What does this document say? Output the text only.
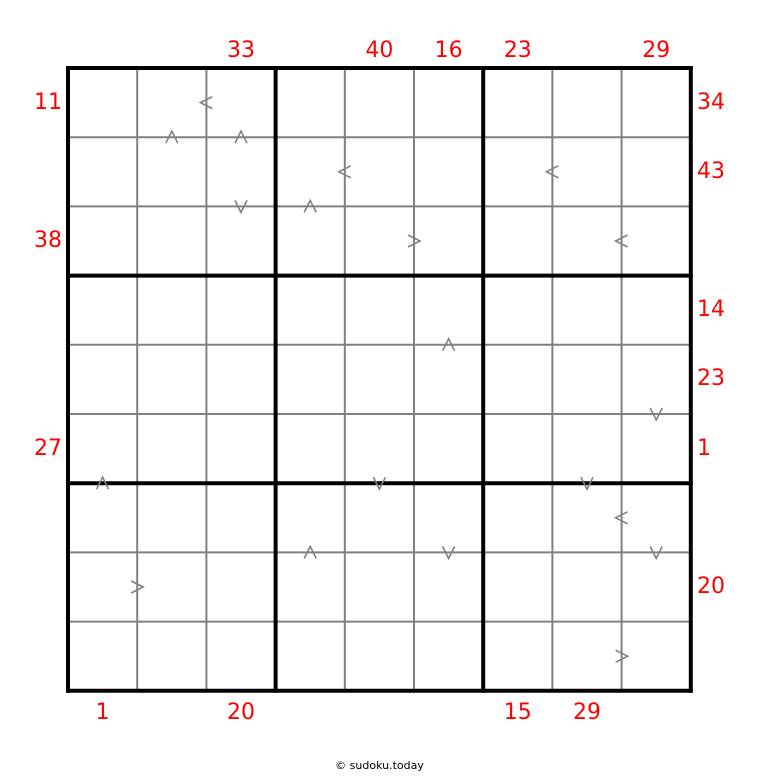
33	40	16	23	29
1	20	15	29
11
38
27
34
43
14
23
1
20
© sudoku.today
